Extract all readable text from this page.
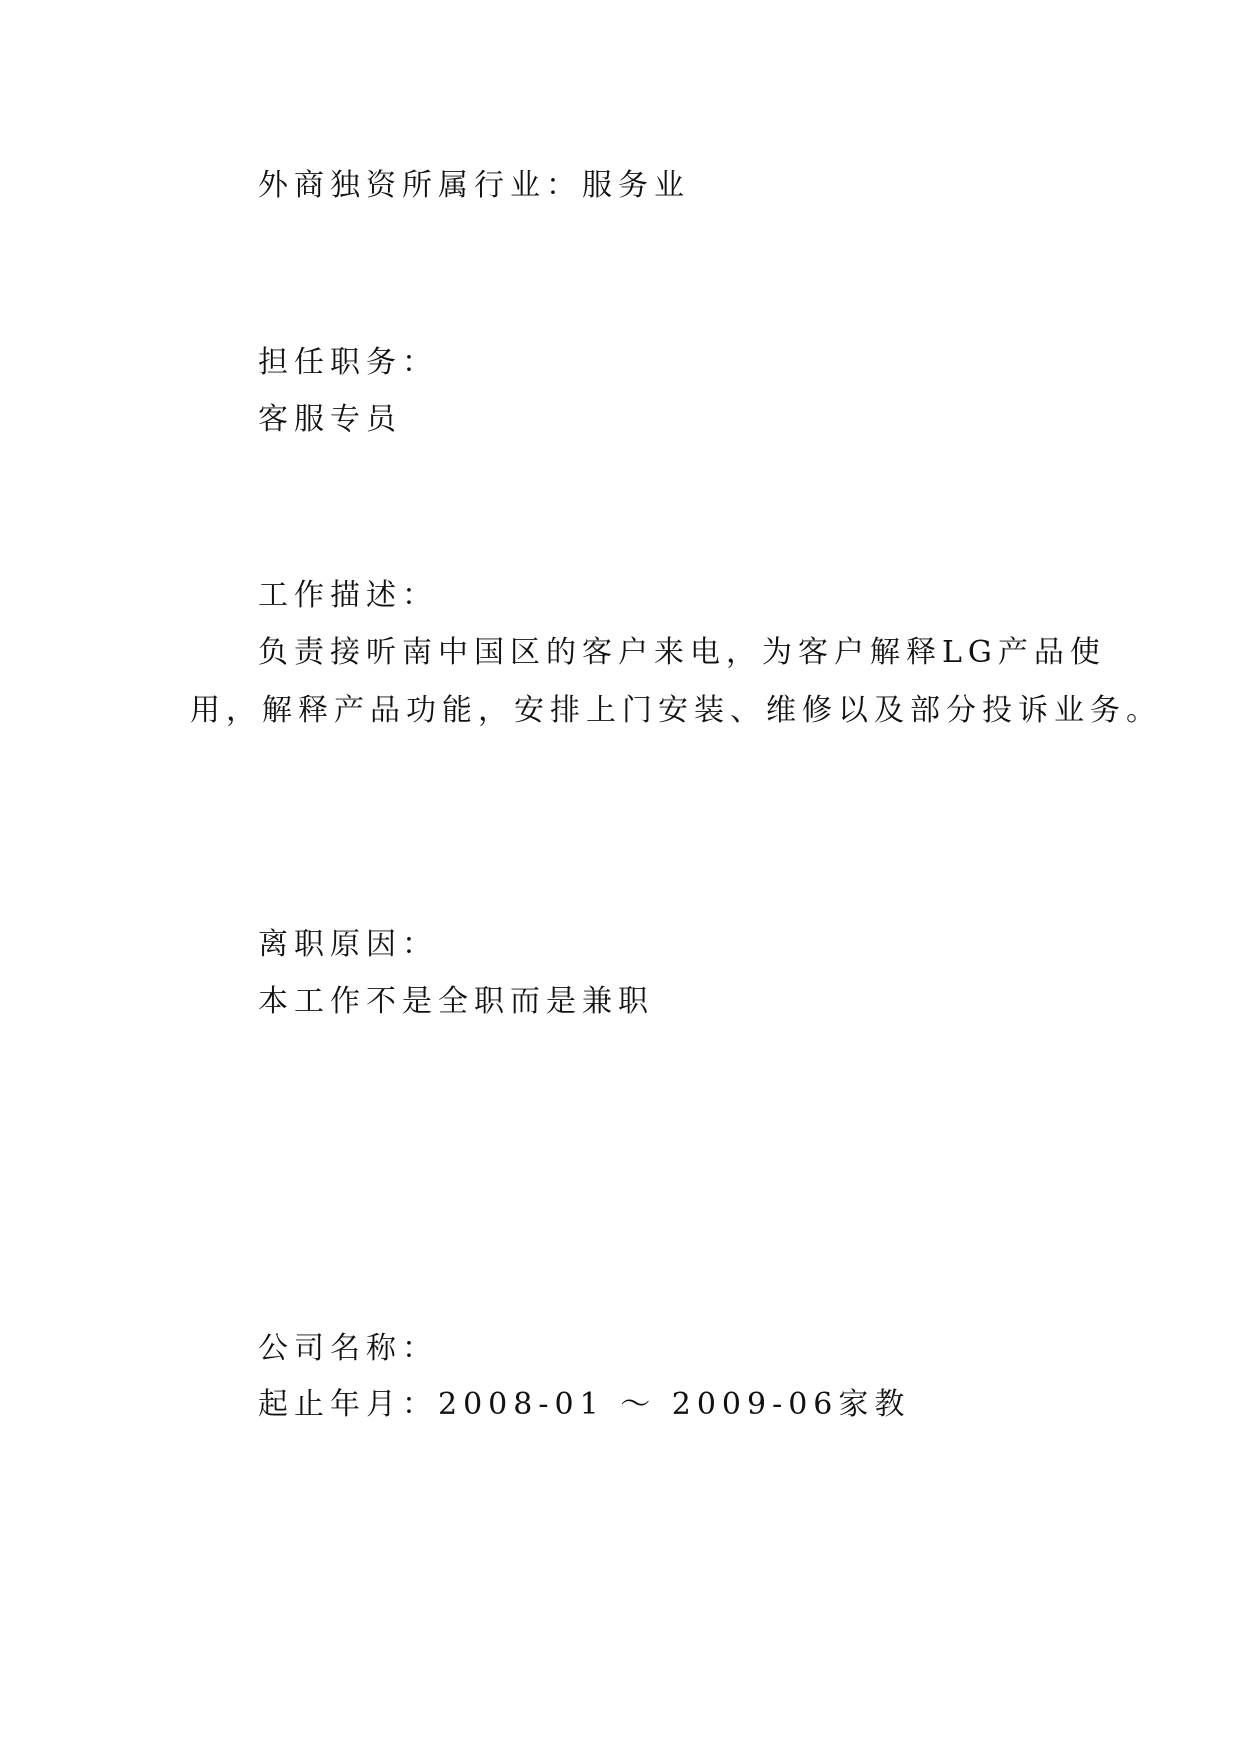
外商独资所属行业：服务业
担任职务：
客服专员
工作描述：
负责接听南中国区的客户来电，为客户解释LG产品使
用，解释产品功能，安排上门安装、维修以及部分投诉业务。
离职原因：
本工作不是全职而是兼职
公司名称：
起止年月：2008-01 ～ 2009-06家教
